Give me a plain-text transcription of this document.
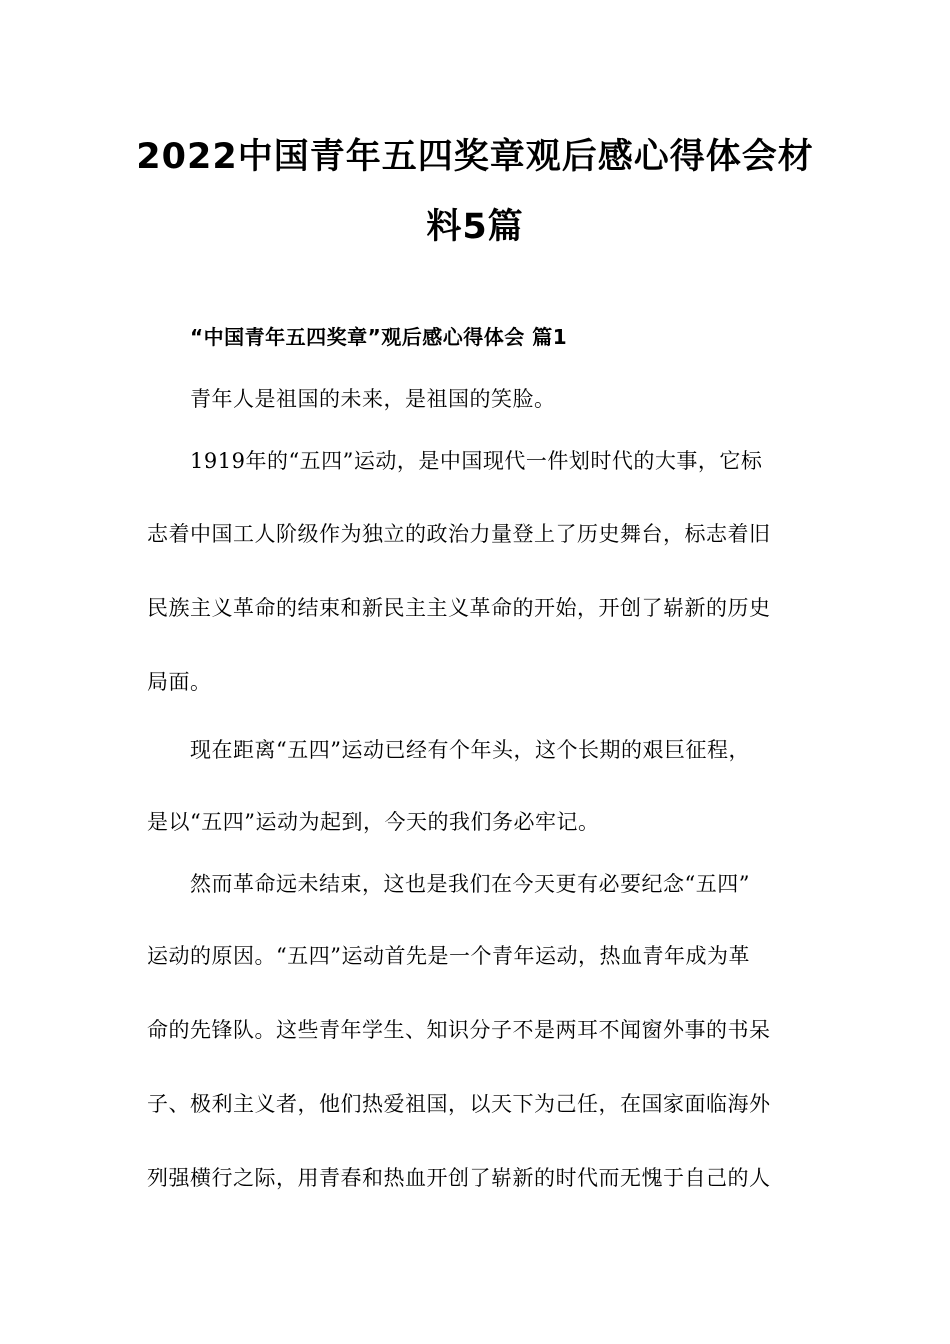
2022中国青年五四奖章观后感心得体会材
料5篇

“中国青年五四奖章”观后感心得体会 篇1

青年人是祖国的未来，是祖国的笑脸。

1919年的“五四”运动，是中国现代一件划时代的大事，它标

志着中国工人阶级作为独立的政治力量登上了历史舞台，标志着旧

民族主义革命的结束和新民主主义革命的开始，开创了崭新的历史

局面。

现在距离“五四”运动已经有个年头，这个长期的艰巨征程，

是以“五四”运动为起到，今天的我们务必牢记。

然而革命远未结束，这也是我们在今天更有必要纪念“五四”

运动的原因。“五四”运动首先是一个青年运动，热血青年成为革

命的先锋队。这些青年学生、知识分子不是两耳不闻窗外事的书呆

子、极利主义者，他们热爱祖国，以天下为己任，在国家面临海外

列强横行之际，用青春和热血开创了崭新的时代而无愧于自己的人
